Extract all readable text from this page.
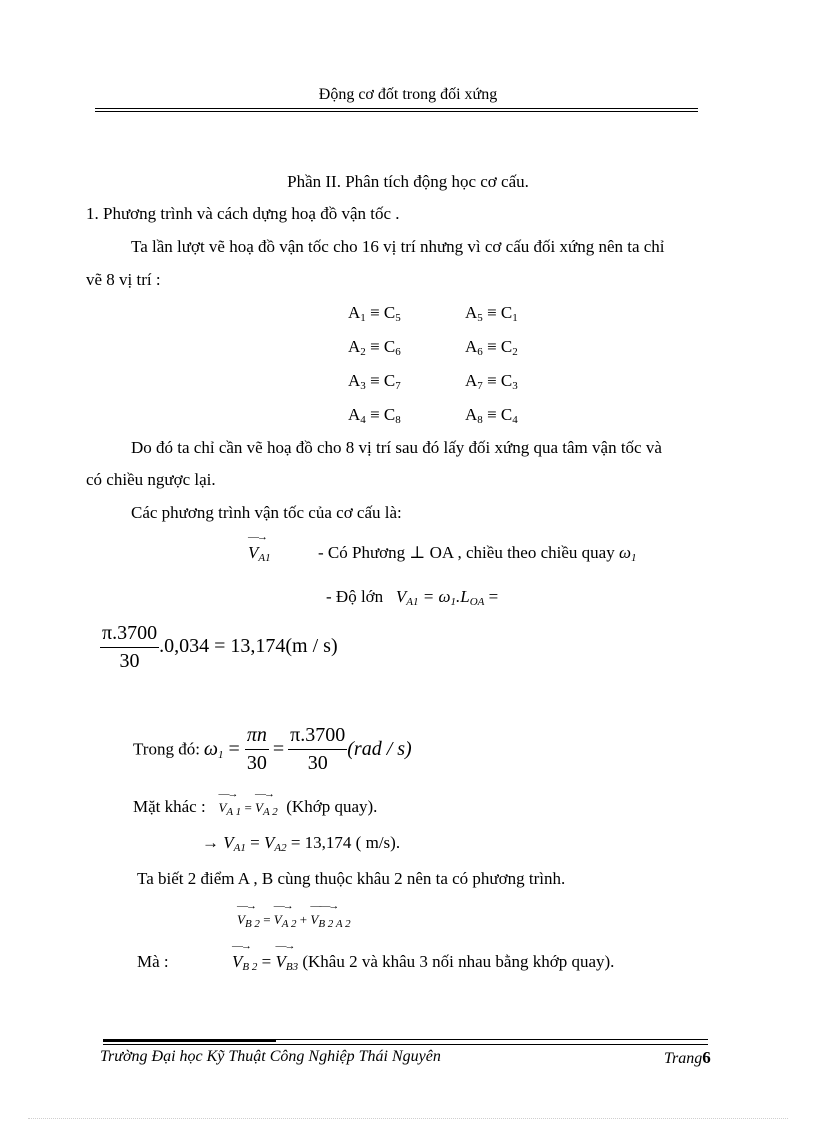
Động cơ đốt trong đối xứng
Phần II. Phân tích động học cơ cấu.
1. Phương trình và cách dựng hoạ đồ vận tốc .
Ta lần lượt vẽ hoạ đồ vận tốc cho 16 vị trí nhưng vì cơ cấu đối xứng nên ta chỉ
vẽ 8 vị trí :
$A_1 \equiv C_5$	$A_5 \equiv C_1$
$A_2 \equiv C_6$	$A_6 \equiv C_2$
$A_3 \equiv C_7$	$A_7 \equiv C_3$
$A_4 \equiv C_8$	$A_8 \equiv C_4$
Do đó ta chỉ cần vẽ hoạ đồ cho 8 vị trí sau đó lấy đối xứng qua tâm vận tốc và
có chiều ngược lại.
Các phương trình vận tốc của cơ cấu là:
—→
$V_{A1}$	- Có Phương ⊥ OA , chiều theo chiều quay $\omega_1$
- Độ lớn $V_{A1} = \omega_1.L_{OA}$ =
$\frac{\pi.3700}{30} .0,034 = 13,174(m / s)$
Trong đó: $\omega_1 = \frac{\pi n}{30} = \frac{\pi.3700}{30} (rad / s)$
Mặt khác :
—→
$V_{A 1}$ =
—→
$V_{A 2}$ (Khớp quay).
→ $V_{A1} = V_{A2} = 13,174$ ( m/s).
Ta biết 2 điểm A , B cùng thuộc khâu 2 nên ta có phương trình.
—→
$V_{B 2}$ =
—→
$V_{A 2}$ +
——→
$V_{B 2 A 2}$
Mà :
—→
$V_{B 2}$ =
—→
$V_{B3}$ (Khâu 2 và khâu 3 nối nhau bằng khớp quay).
Trường Đại học Kỹ Thuật Công Nghiệp Thái Nguyên	Trang6
